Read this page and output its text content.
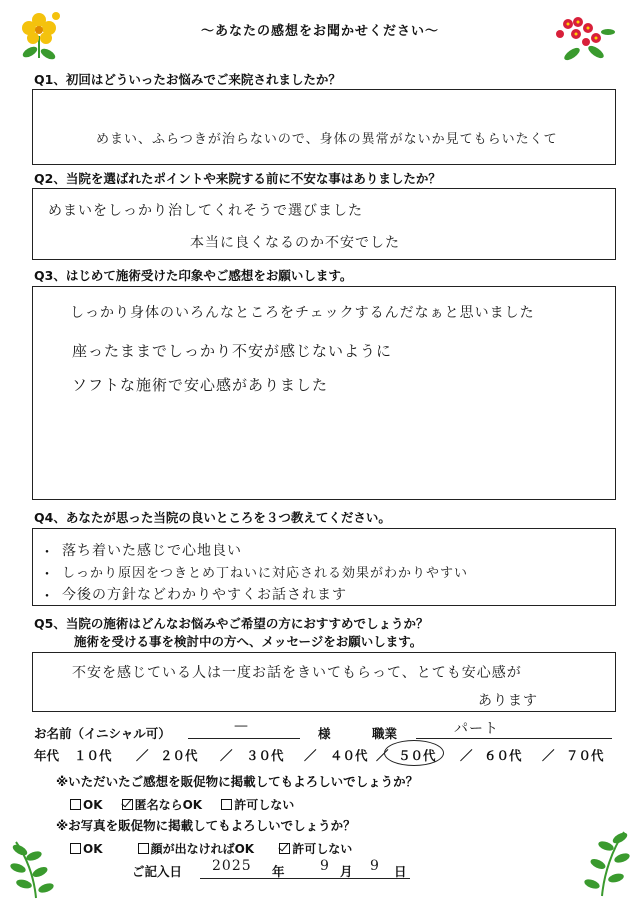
〜あなたの感想をお聞かせください〜
Q1、初回はどういったお悩みでご来院されましたか？
めまい、ふらつきが治らないので、身体の異常がないか見てもらいたくて
Q2、当院を選ばれたポイントや来院する前に不安な事はありましたか？
めまいをしっかり治してくれそうで選びました
本当に良くなるのか不安でした
Q3、はじめて施術受けた印象やご感想をお願いします。
しっかり身体のいろんなところをチェックするんだなぁと思いました
座ったままでしっかり不安が感じないように
ソフトな施術で安心感がありました
Q4、あなたが思った当院の良いところを３つ教えてください。
・
・
・
落ち着いた感じで心地良い
しっかり原因をつきとめ丁ねいに対応される効果がわかりやすい
今後の方針などわかりやすくお話されます
Q5、当院の施術はどんなお悩みやご希望の方におすすめでしょうか？
施術を受ける事を検討中の方へ、メッセージをお願いします。
不安を感じている人は一度お話をきいてもらって、とても安心感が
あります
お名前（イニシャル可）	—	様	職業	パート
年代 １０代 ／ ２０代 ／ ３０代 ／ ４０代 ／ ５０代 ／ ６０代 ／ ７０代
※いただいたご感想を販促物に掲載してもよろしいでしょうか？
OK	匿名ならOK	許可しない
※お写真を販促物に掲載してもよろしいでしょうか？
OK	顔が出なければOK	許可しない
ご記入日 2025 年	9 月 9 日
